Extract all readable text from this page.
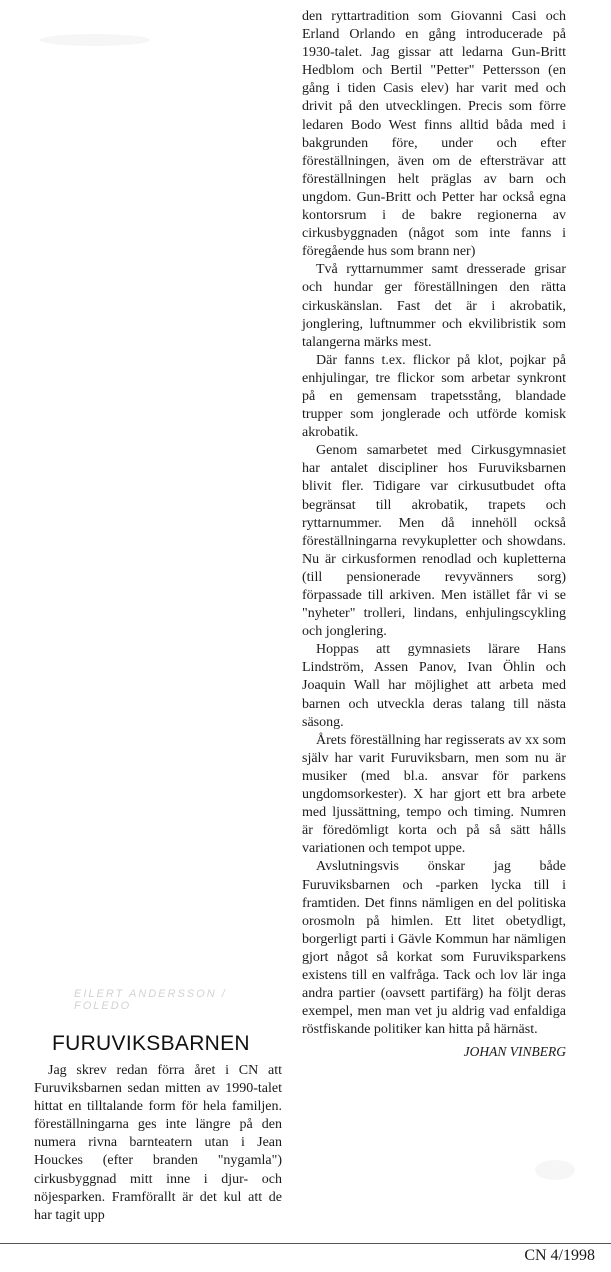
EILERT ANDERSSON / FOLEDO
FURUVIKSBARNEN

Jag skrev redan förra året i CN att Furuviksbarnen sedan mitten av 1990-talet hittat en tilltalande form för hela familjen. föreställningarna ges inte längre på den numera rivna barnteatern utan i Jean Houckes (efter branden "nygamla") cirkusbyggnad mitt inne i djur- och nöjesparken. Framförallt är det kul att de har tagit upp

den ryttartradition som Giovanni Casi och Erland Orlando en gång introducerade på 1930-talet. Jag gissar att ledarna Gun-Britt Hedblom och Bertil "Petter" Pettersson (en gång i tiden Casis elev) har varit med och drivit på den utvecklingen. Precis som förre ledaren Bodo West finns alltid båda med i bakgrunden före, under och efter föreställningen, även om de eftersträvar att föreställningen helt präglas av barn och ungdom. Gun-Britt och Petter har också egna kontorsrum i de bakre regionerna av cirkusbyggnaden (något som inte fanns i föregående hus som brann ner)

Två ryttarnummer samt dresserade grisar och hundar ger föreställningen den rätta cirkuskänslan. Fast det är i akrobatik, jonglering, luftnummer och ekvilibristik som talangerna märks mest.

Där fanns t.ex. flickor på klot, pojkar på enhjulingar, tre flickor som arbetar synkront på en gemensam trapetsstång, blandade trupper som jonglerade och utförde komisk akrobatik.

Genom samarbetet med Cirkusgymnasiet har antalet discipliner hos Furuviksbarnen blivit fler. Tidigare var cirkusutbudet ofta begränsat till akrobatik, trapets och ryttarnummer. Men då innehöll också föreställningarna revykupletter och showdans. Nu är cirkusformen renodlad och kupletterna (till pensionerade revyvänners sorg) förpassade till arkiven. Men istället får vi se "nyheter" trolleri, lindans, enhjulingscykling och jonglering.

Hoppas att gymnasiets lärare Hans Lindström, Assen Panov, Ivan Öhlin och Joaquin Wall har möjlighet att arbeta med barnen och utveckla deras talang till nästa säsong.

Årets föreställning har regisserats av xx som själv har varit Furuviksbarn, men som nu är musiker (med bl.a. ansvar för parkens ungdomsorkester). X har gjort ett bra arbete med ljussättning, tempo och timing. Numren är föredömligt korta och på så sätt hålls variationen och tempot uppe.

Avslutningsvis önskar jag både Furuviksbarnen och -parken lycka till i framtiden. Det finns nämligen en del politiska orosmoln på himlen. Ett litet obetydligt, borgerligt parti i Gävle Kommun har nämligen gjort något så korkat som Furuviksparkens existens till en valfråga. Tack och lov lär inga andra partier (oavsett partifärg) ha följt deras exempel, men man vet ju aldrig vad enfaldiga röstfiskande politiker kan hitta på härnäst.

JOHAN VINBERG

CN 4/1998
